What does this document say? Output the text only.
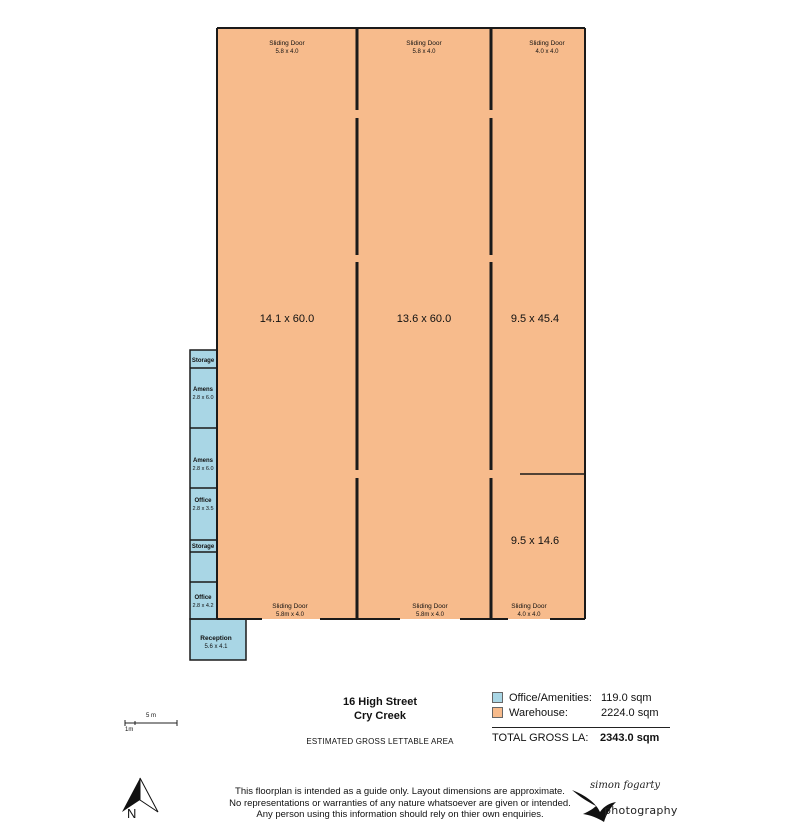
14.1 x 60.0	13.6 x 60.0	9.5 x 45.4
9.5 x 14.6
Sliding Door
5.8 x 4.0
Sliding Door
5.8 x 4.0
Sliding Door
4.0 x 4.0
Sliding Door
5.8m x 4.0
Sliding Door
5.8m x 4.0
Sliding Door
4.0 x 4.0
Storage
Amens
2.8 x 6.0
Amens
2.8 x 6.0
Office
2.8 x 3.5
Storage
Office
2.8 x 4.2
Reception
5.6 x 4.1
16 High Street
Cry Creek
ESTIMATED GROSS LETTABLE AREA
Office/Amenities: 119.0 sqm
Warehouse:	2224.0 sqm
TOTAL GROSS LA:	2343.0 sqm
5 m
1m
N
This floorplan is intended as a guide only. Layout dimensions are approximate.
No representations or warranties of any nature whatsoever are given or intended.
Any person using this information should rely on thier own enquiries.
simon fogarty
photography
